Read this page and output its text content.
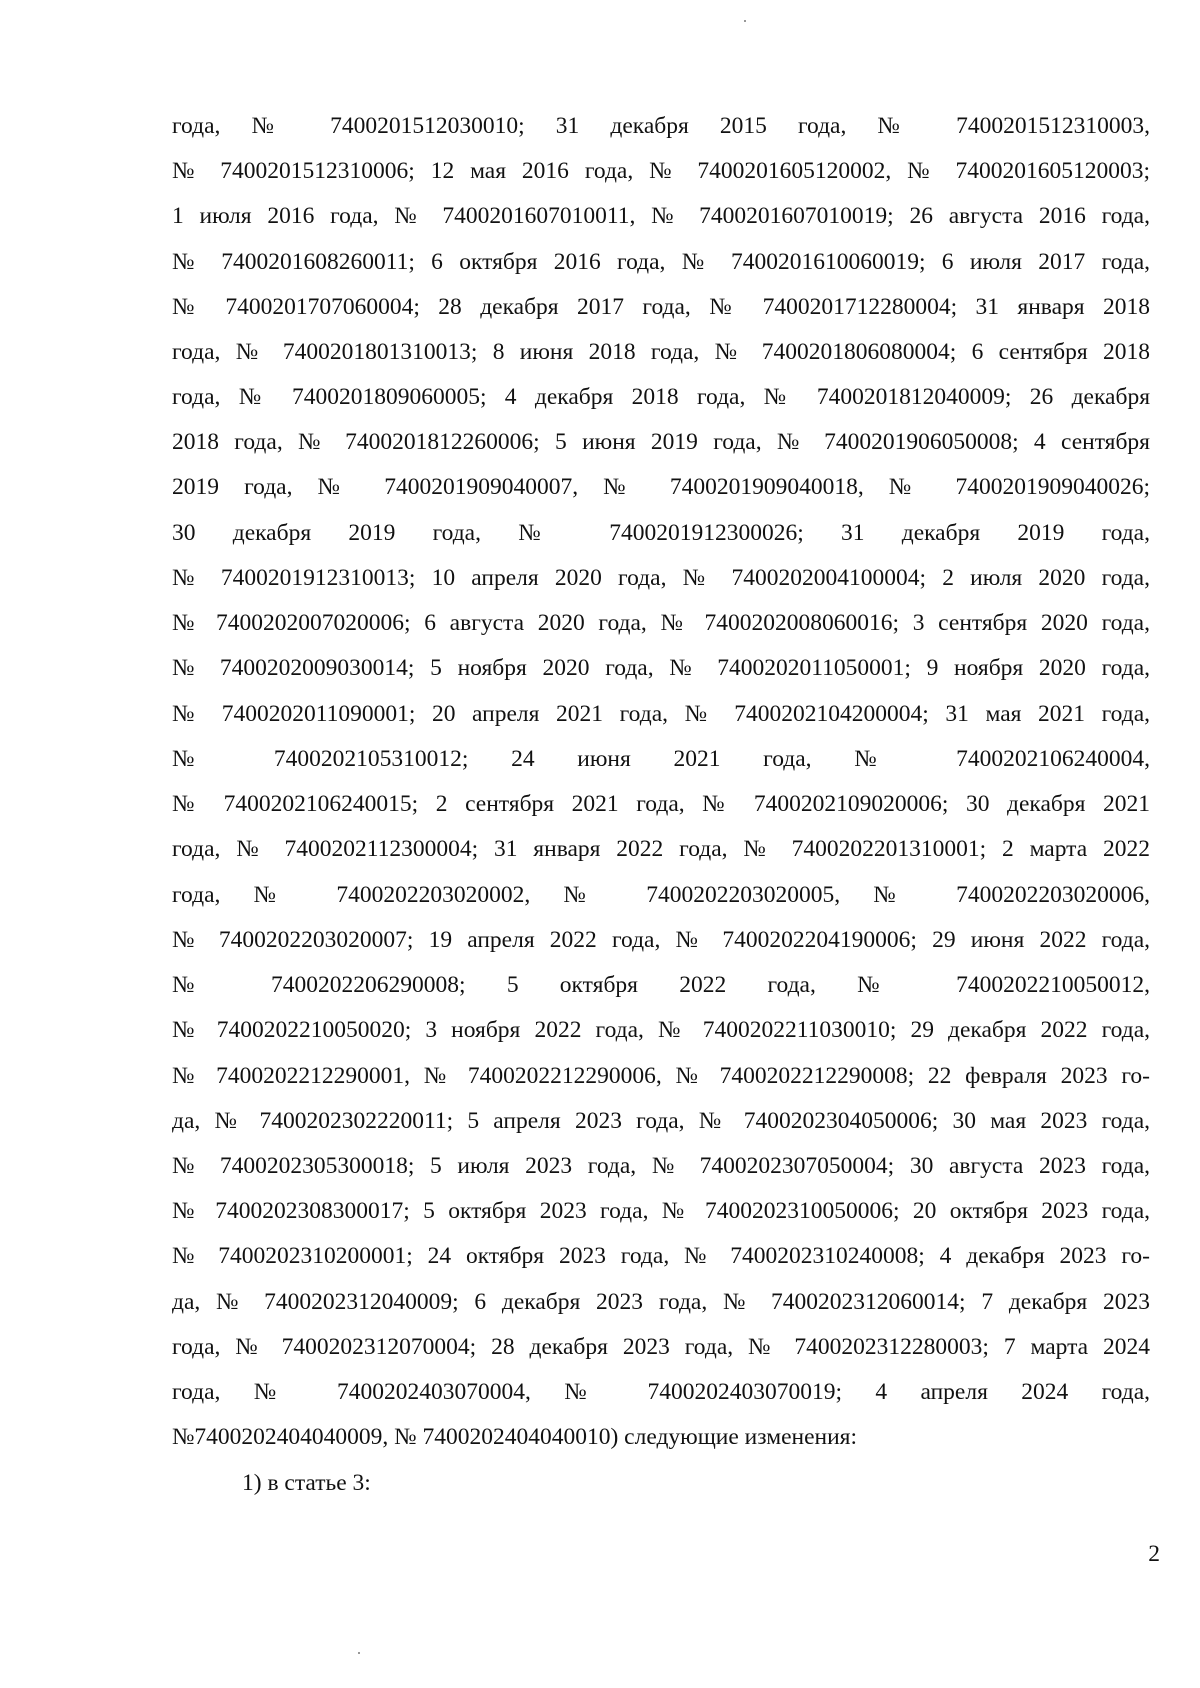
года, № 7400201512030010; 31 декабря 2015 года, № 7400201512310003,
№ 7400201512310006; 12 мая 2016 года, № 7400201605120002, № 7400201605120003;
1 июля 2016 года, № 7400201607010011, № 7400201607010019; 26 августа 2016 года,
№ 7400201608260011; 6 октября 2016 года, № 7400201610060019; 6 июля 2017 года,
№ 7400201707060004; 28 декабря 2017 года, № 7400201712280004; 31 января 2018
года, № 7400201801310013; 8 июня 2018 года, № 7400201806080004; 6 сентября 2018
года, № 7400201809060005; 4 декабря 2018 года, № 7400201812040009; 26 декабря
2018 года, № 7400201812260006; 5 июня 2019 года, № 7400201906050008; 4 сентября
2019 года, № 7400201909040007, № 7400201909040018, № 7400201909040026;
30 декабря 2019 года, № 7400201912300026; 31 декабря 2019 года,
№ 7400201912310013; 10 апреля 2020 года, № 7400202004100004; 2 июля 2020 года,
№ 7400202007020006; 6 августа 2020 года, № 7400202008060016; 3 сентября 2020 года,
№ 7400202009030014; 5 ноября 2020 года, № 7400202011050001; 9 ноября 2020 года,
№ 7400202011090001; 20 апреля 2021 года, № 7400202104200004; 31 мая 2021 года,
№ 7400202105310012; 24 июня 2021 года, № 7400202106240004,
№ 7400202106240015; 2 сентября 2021 года, № 7400202109020006; 30 декабря 2021
года, № 7400202112300004; 31 января 2022 года, № 7400202201310001; 2 марта 2022
года, № 7400202203020002, № 7400202203020005, № 7400202203020006,
№ 7400202203020007; 19 апреля 2022 года, № 7400202204190006; 29 июня 2022 года,
№ 7400202206290008; 5 октября 2022 года, № 7400202210050012,
№ 7400202210050020; 3 ноября 2022 года, № 7400202211030010; 29 декабря 2022 года,
№ 7400202212290001, № 7400202212290006, № 7400202212290008; 22 февраля 2023 го-
да, № 7400202302220011; 5 апреля 2023 года, № 7400202304050006; 30 мая 2023 года,
№ 7400202305300018; 5 июля 2023 года, № 7400202307050004; 30 августа 2023 года,
№ 7400202308300017; 5 октября 2023 года, № 7400202310050006; 20 октября 2023 года,
№ 7400202310200001; 24 октября 2023 года, № 7400202310240008; 4 декабря 2023 го-
да, № 7400202312040009; 6 декабря 2023 года, № 7400202312060014; 7 декабря 2023
года, № 7400202312070004; 28 декабря 2023 года, № 7400202312280003; 7 марта 2024
года, № 7400202403070004, № 7400202403070019; 4 апреля 2024 года,
№7400202404040009, № 7400202404040010) следующие изменения:
1) в статье 3:
2
